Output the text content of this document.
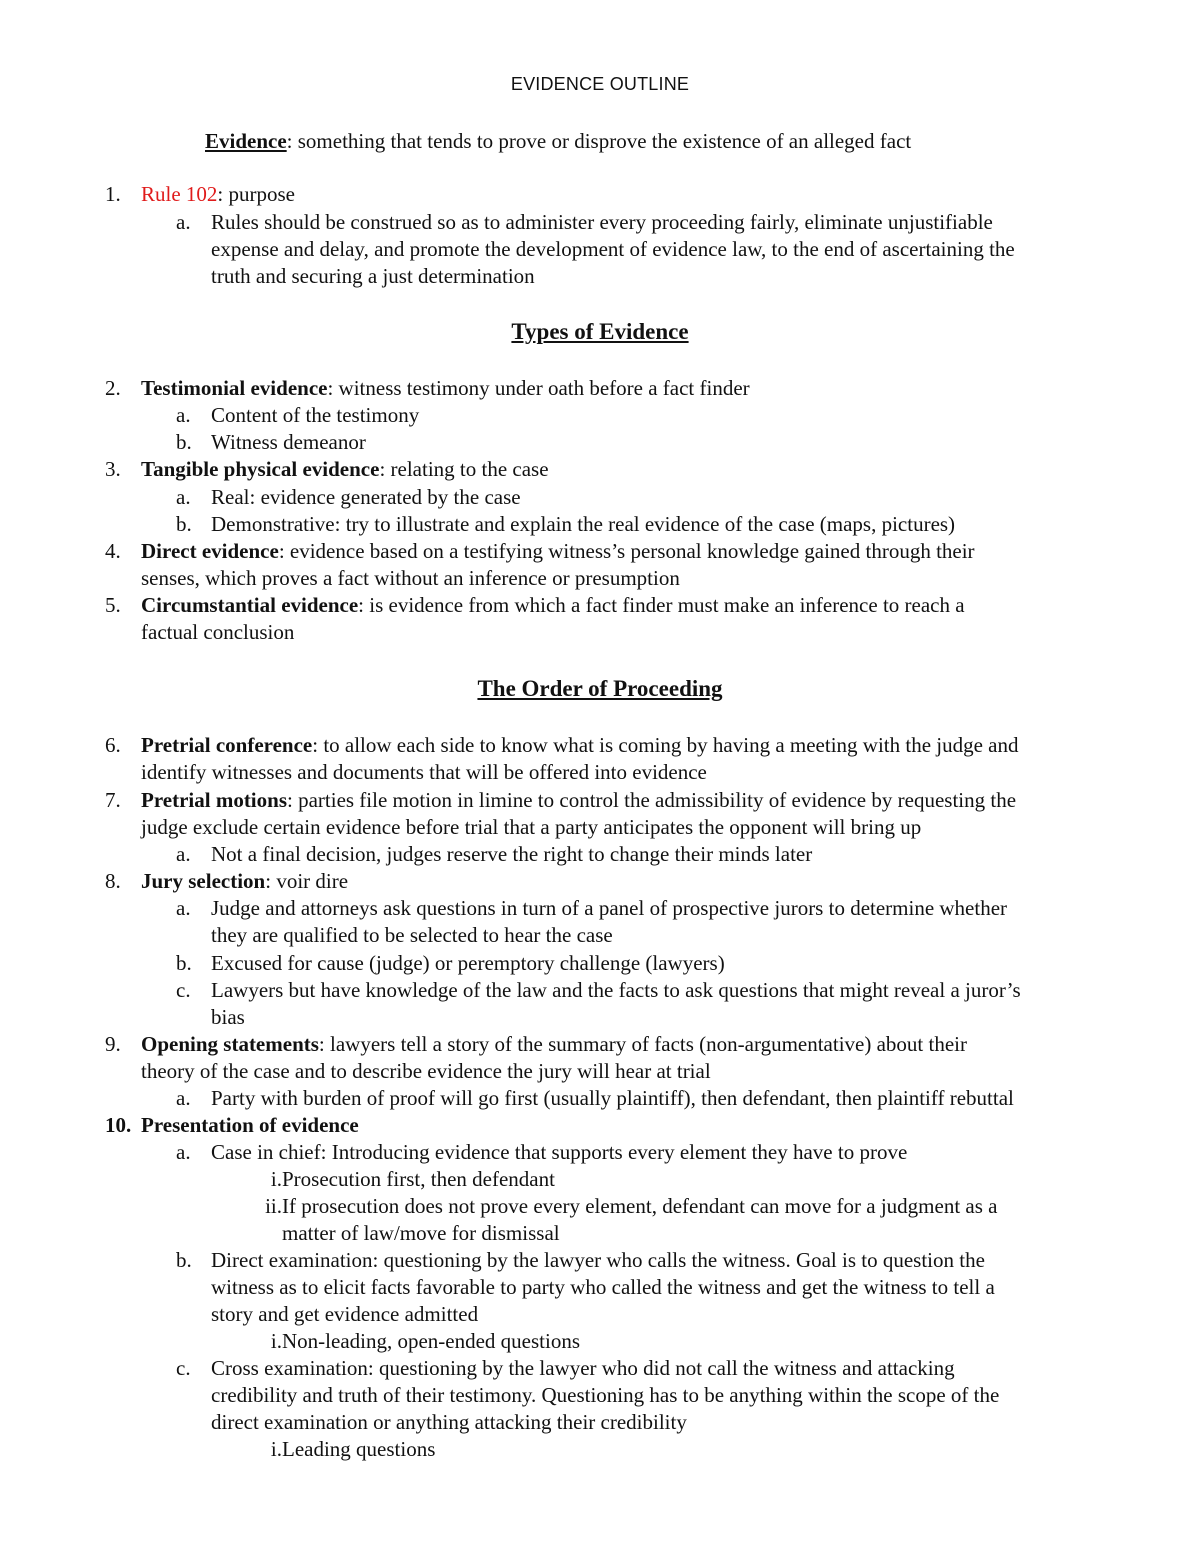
EVIDENCE OUTLINE
Evidence: something that tends to prove or disprove the existence of an alleged fact
1. Rule 102: purpose
a. Rules should be construed so as to administer every proceeding fairly, eliminate unjustifiable
expense and delay, and promote the development of evidence law, to the end of ascertaining the
truth and securing a just determination
Types of Evidence
2. Testimonial evidence: witness testimony under oath before a fact finder
a. Content of the testimony
b. Witness demeanor
3. Tangible physical evidence: relating to the case
a. Real: evidence generated by the case
b. Demonstrative: try to illustrate and explain the real evidence of the case (maps, pictures)
4. Direct evidence: evidence based on a testifying witness’s personal knowledge gained through their
senses, which proves a fact without an inference or presumption
5. Circumstantial evidence: is evidence from which a fact finder must make an inference to reach a
factual conclusion
The Order of Proceeding
6. Pretrial conference: to allow each side to know what is coming by having a meeting with the judge and
identify witnesses and documents that will be offered into evidence
7. Pretrial motions: parties file motion in limine to control the admissibility of evidence by requesting the
judge exclude certain evidence before trial that a party anticipates the opponent will bring up
a. Not a final decision, judges reserve the right to change their minds later
8. Jury selection: voir dire
a. Judge and attorneys ask questions in turn of a panel of prospective jurors to determine whether
they are qualified to be selected to hear the case
b. Excused for cause (judge) or peremptory challenge (lawyers)
c. Lawyers but have knowledge of the law and the facts to ask questions that might reveal a juror’s
bias
9. Opening statements: lawyers tell a story of the summary of facts (non-argumentative) about their
theory of the case and to describe evidence the jury will hear at trial
a. Party with burden of proof will go first (usually plaintiff), then defendant, then plaintiff rebuttal
10. Presentation of evidence
a. Case in chief: Introducing evidence that supports every element they have to prove
i.Prosecution first, then defendant
ii.If prosecution does not prove every element, defendant can move for a judgment as a
matter of law/move for dismissal
b. Direct examination: questioning by the lawyer who calls the witness. Goal is to question the
witness as to elicit facts favorable to party who called the witness and get the witness to tell a
story and get evidence admitted
i.Non-leading, open-ended questions
c. Cross examination: questioning by the lawyer who did not call the witness and attacking
credibility and truth of their testimony. Questioning has to be anything within the scope of the
direct examination or anything attacking their credibility
i.Leading questions
